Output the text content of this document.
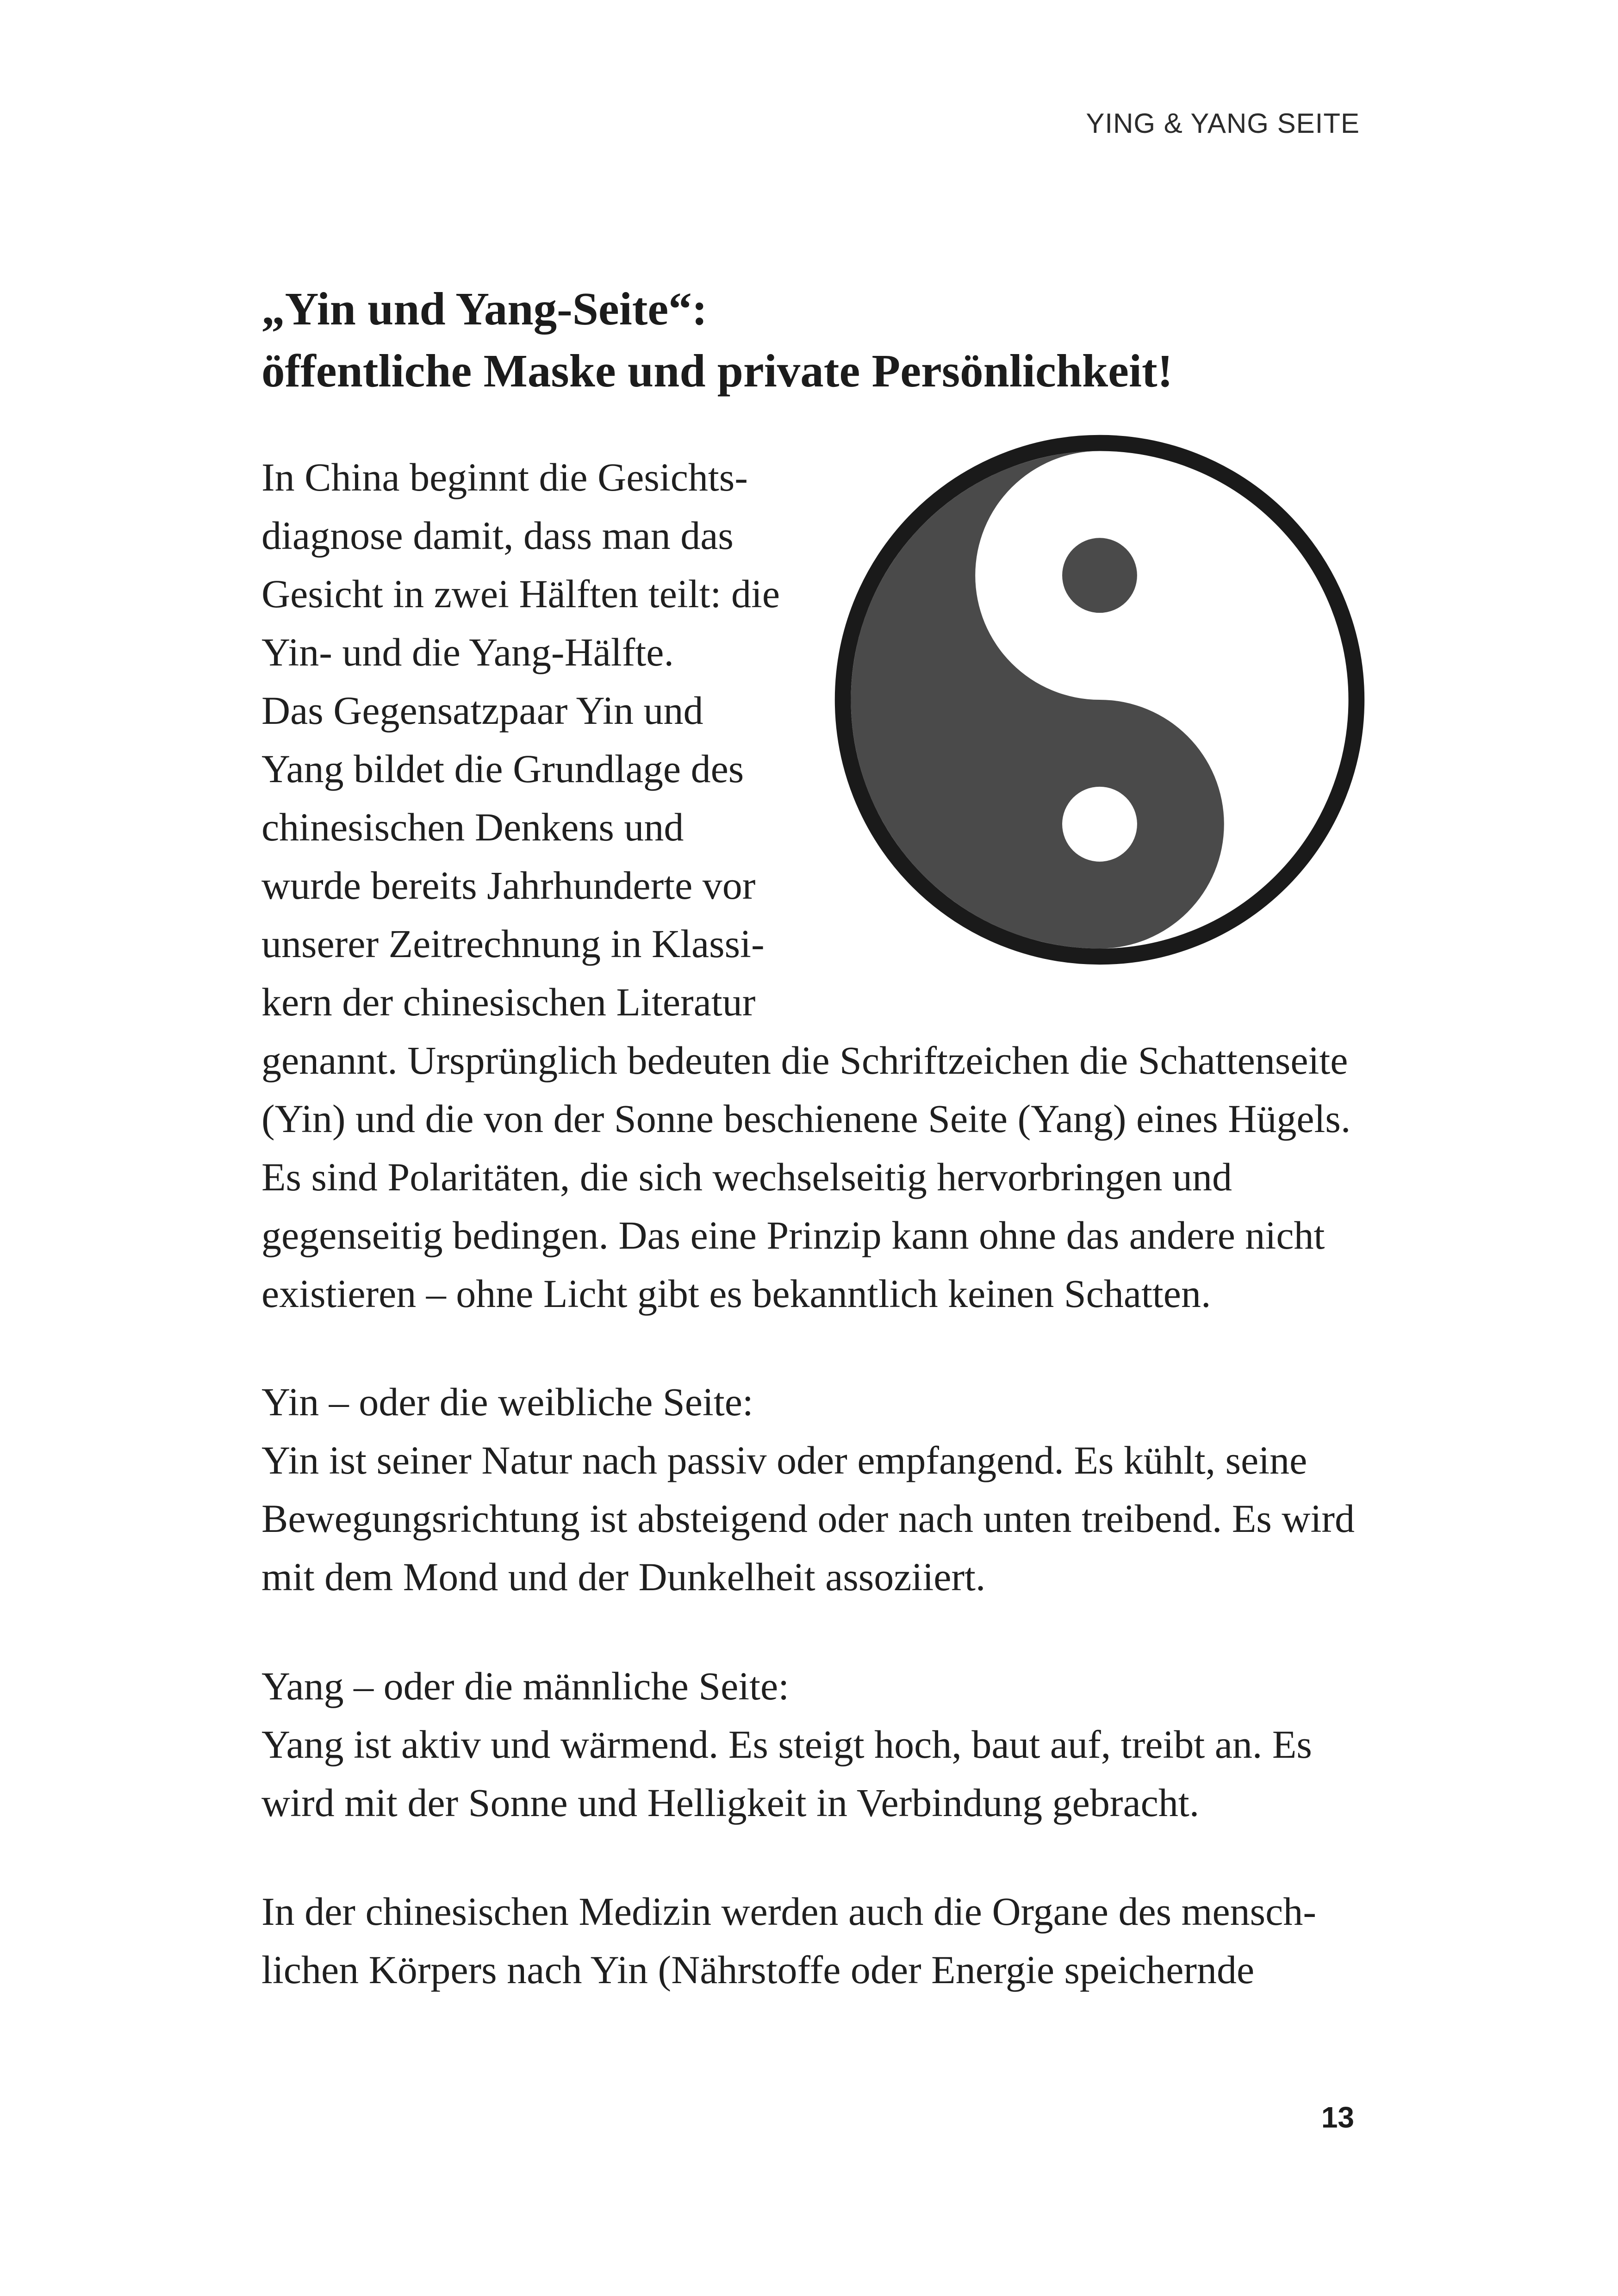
YING & YANG SEITE
„Yin und Yang-Seite“:
öffentliche Maske und private Persönlichkeit!
In China beginnt die Gesichts-
diagnose damit, dass man das
Gesicht in zwei Hälften teilt: die
Yin- und die Yang-Hälfte.
Das Gegensatzpaar Yin und
Yang bildet die Grundlage des
chinesischen Denkens und
wurde bereits Jahrhunderte vor
unserer Zeitrechnung in Klassi-
kern der chinesischen Literatur
genannt. Ursprünglich bedeuten die Schriftzeichen die Schattenseite
(Yin) und die von der Sonne beschienene Seite (Yang) eines Hügels.
Es sind Polaritäten, die sich wechselseitig hervorbringen und
gegenseitig bedingen. Das eine Prinzip kann ohne das andere nicht
existieren – ohne Licht gibt es bekanntlich keinen Schatten.
Yin – oder die weibliche Seite:
Yin ist seiner Natur nach passiv oder empfangend. Es kühlt, seine
Bewegungsrichtung ist absteigend oder nach unten treibend. Es wird
mit dem Mond und der Dunkelheit assoziiert.
Yang – oder die männliche Seite:
Yang ist aktiv und wärmend. Es steigt hoch, baut auf, treibt an. Es
wird mit der Sonne und Helligkeit in Verbindung gebracht.
In der chinesischen Medizin werden auch die Organe des mensch-
lichen Körpers nach Yin (Nährstoffe oder Energie speichernde
13
